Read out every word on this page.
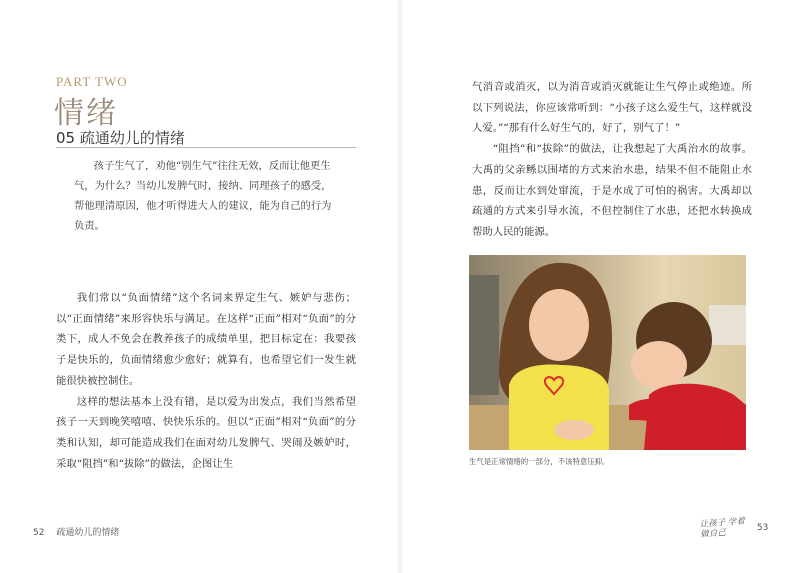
PART TWO
情绪
05 疏通幼儿的情绪

孩子生气了，劝他“别生气”往往无效，反而让他更生气，为什么？当幼儿发脾气时，接纳、同理孩子的感受，帮他理清原因，他才听得进大人的建议，能为自己的行为负责。

我们常以“负面情绪”这个名词来界定生气、嫉妒与悲伤；以“正面情绪”来形容快乐与满足。在这样“正面”相对“负面”的分类下，成人不免会在教养孩子的成绩单里，把目标定在：我要孩子是快乐的，负面情绪愈少愈好；就算有，也希望它们一发生就能很快被控制住。

这样的想法基本上没有错，是以爱为出发点，我们当然希望孩子一天到晚笑嘻嘻、快快乐乐的。但以“正面”相对“负面”的分类和认知，却可能造成我们在面对幼儿发脾气、哭闹及嫉妒时，采取“阻挡”和“拔除”的做法，企图让生

52 疏通幼儿的情绪

气消音或消灭，以为消音或消灭就能让生气停止或绝迹。所以下列说法，你应该常听到：“小孩子这么爱生气，这样就没人爱。”“那有什么好生气的，好了，别气了！”

“阻挡”和“拔除”的做法，让我想起了大禹治水的故事。大禹的父亲鲧以围堵的方式来治水患，结果不但不能阻止水患，反而让水到处窜流，于是水成了可怕的祸害。大禹却以疏通的方式来引导水流，不但控制住了水患，还把水转换成帮助人民的能源。

生气是正常情绪的一部分，不该特意压抑。
让孩子 学着做自己 53
